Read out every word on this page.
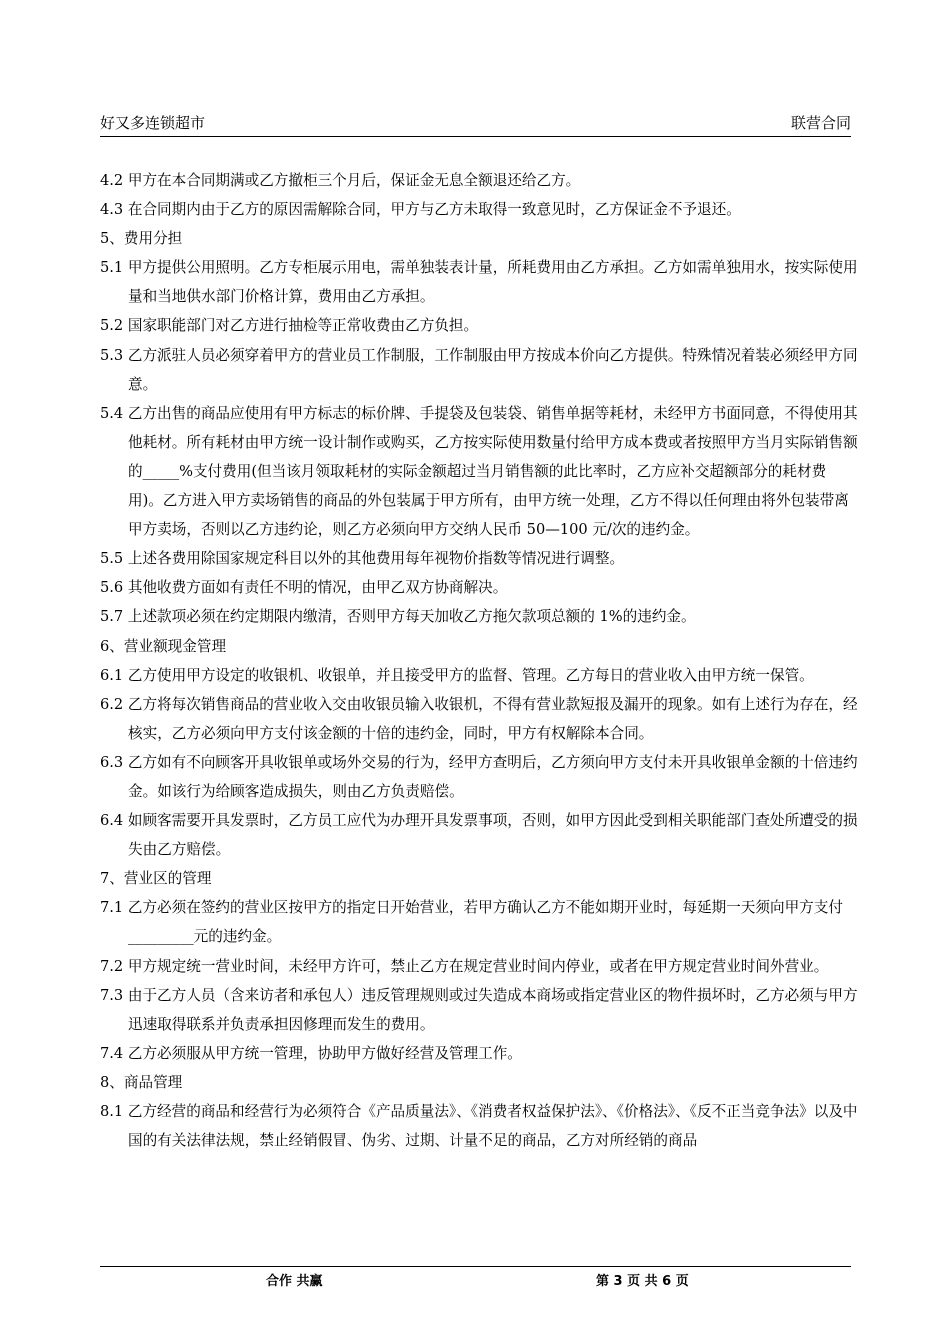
好又多连锁超市	联营合同

4.2 甲方在本合同期满或乙方撤柜三个月后，保证金无息全额退还给乙方。

4.3 在合同期内由于乙方的原因需解除合同，甲方与乙方未取得一致意见时，乙方保证金不予退还。

5、费用分担

5.1 甲方提供公用照明。乙方专柜展示用电，需单独装表计量，所耗费用由乙方承担。乙方如需单独用水，按实际使用量和当地供水部门价格计算，费用由乙方承担。

5.2 国家职能部门对乙方进行抽检等正常收费由乙方负担。

5.3 乙方派驻人员必须穿着甲方的营业员工作制服，工作制服由甲方按成本价向乙方提供。特殊情况着装必须经甲方同意。

5.4 乙方出售的商品应使用有甲方标志的标价牌、手提袋及包装袋、销售单据等耗材，未经甲方书面同意，不得使用其他耗材。所有耗材由甲方统一设计制作或购买，乙方按实际使用数量付给甲方成本费或者按照甲方当月实际销售额的_____%支付费用(但当该月领取耗材的实际金额超过当月销售额的此比率时，乙方应补交超额部分的耗材费用)。乙方进入甲方卖场销售的商品的外包装属于甲方所有，由甲方统一处理，乙方不得以任何理由将外包装带离甲方卖场，否则以乙方违约论，则乙方必须向甲方交纳人民币 50—100 元/次的违约金。

5.5 上述各费用除国家规定科目以外的其他费用每年视物价指数等情况进行调整。

5.6 其他收费方面如有责任不明的情况，由甲乙双方协商解决。

5.7 上述款项必须在约定期限内缴清，否则甲方每天加收乙方拖欠款项总额的 1%的违约金。

6、营业额现金管理

6.1 乙方使用甲方设定的收银机、收银单，并且接受甲方的监督、管理。乙方每日的营业收入由甲方统一保管。

6.2 乙方将每次销售商品的营业收入交由收银员输入收银机，不得有营业款短报及漏开的现象。如有上述行为存在，经核实，乙方必须向甲方支付该金额的十倍的违约金，同时，甲方有权解除本合同。

6.3 乙方如有不向顾客开具收银单或场外交易的行为，经甲方查明后，乙方须向甲方支付未开具收银单金额的十倍违约金。如该行为给顾客造成损失，则由乙方负责赔偿。

6.4 如顾客需要开具发票时，乙方员工应代为办理开具发票事项，否则，如甲方因此受到相关职能部门查处所遭受的损失由乙方赔偿。

7、营业区的管理

7.1 乙方必须在签约的营业区按甲方的指定日开始营业，若甲方确认乙方不能如期开业时，每延期一天须向甲方支付_________元的违约金。

7.2 甲方规定统一营业时间，未经甲方许可，禁止乙方在规定营业时间内停业，或者在甲方规定营业时间外营业。

7.3 由于乙方人员（含来访者和承包人）违反管理规则或过失造成本商场或指定营业区的物件损坏时，乙方必须与甲方迅速取得联系并负责承担因修理而发生的费用。

7.4 乙方必须服从甲方统一管理，协助甲方做好经营及管理工作。

8、商品管理

8.1 乙方经营的商品和经营行为必须符合《产品质量法》、《消费者权益保护法》、《价格法》、《反不正当竞争法》以及中国的有关法律法规，禁止经销假冒、伪劣、过期、计量不足的商品，乙方对所经销的商品

合作 共赢	第 3 页 共 6 页
